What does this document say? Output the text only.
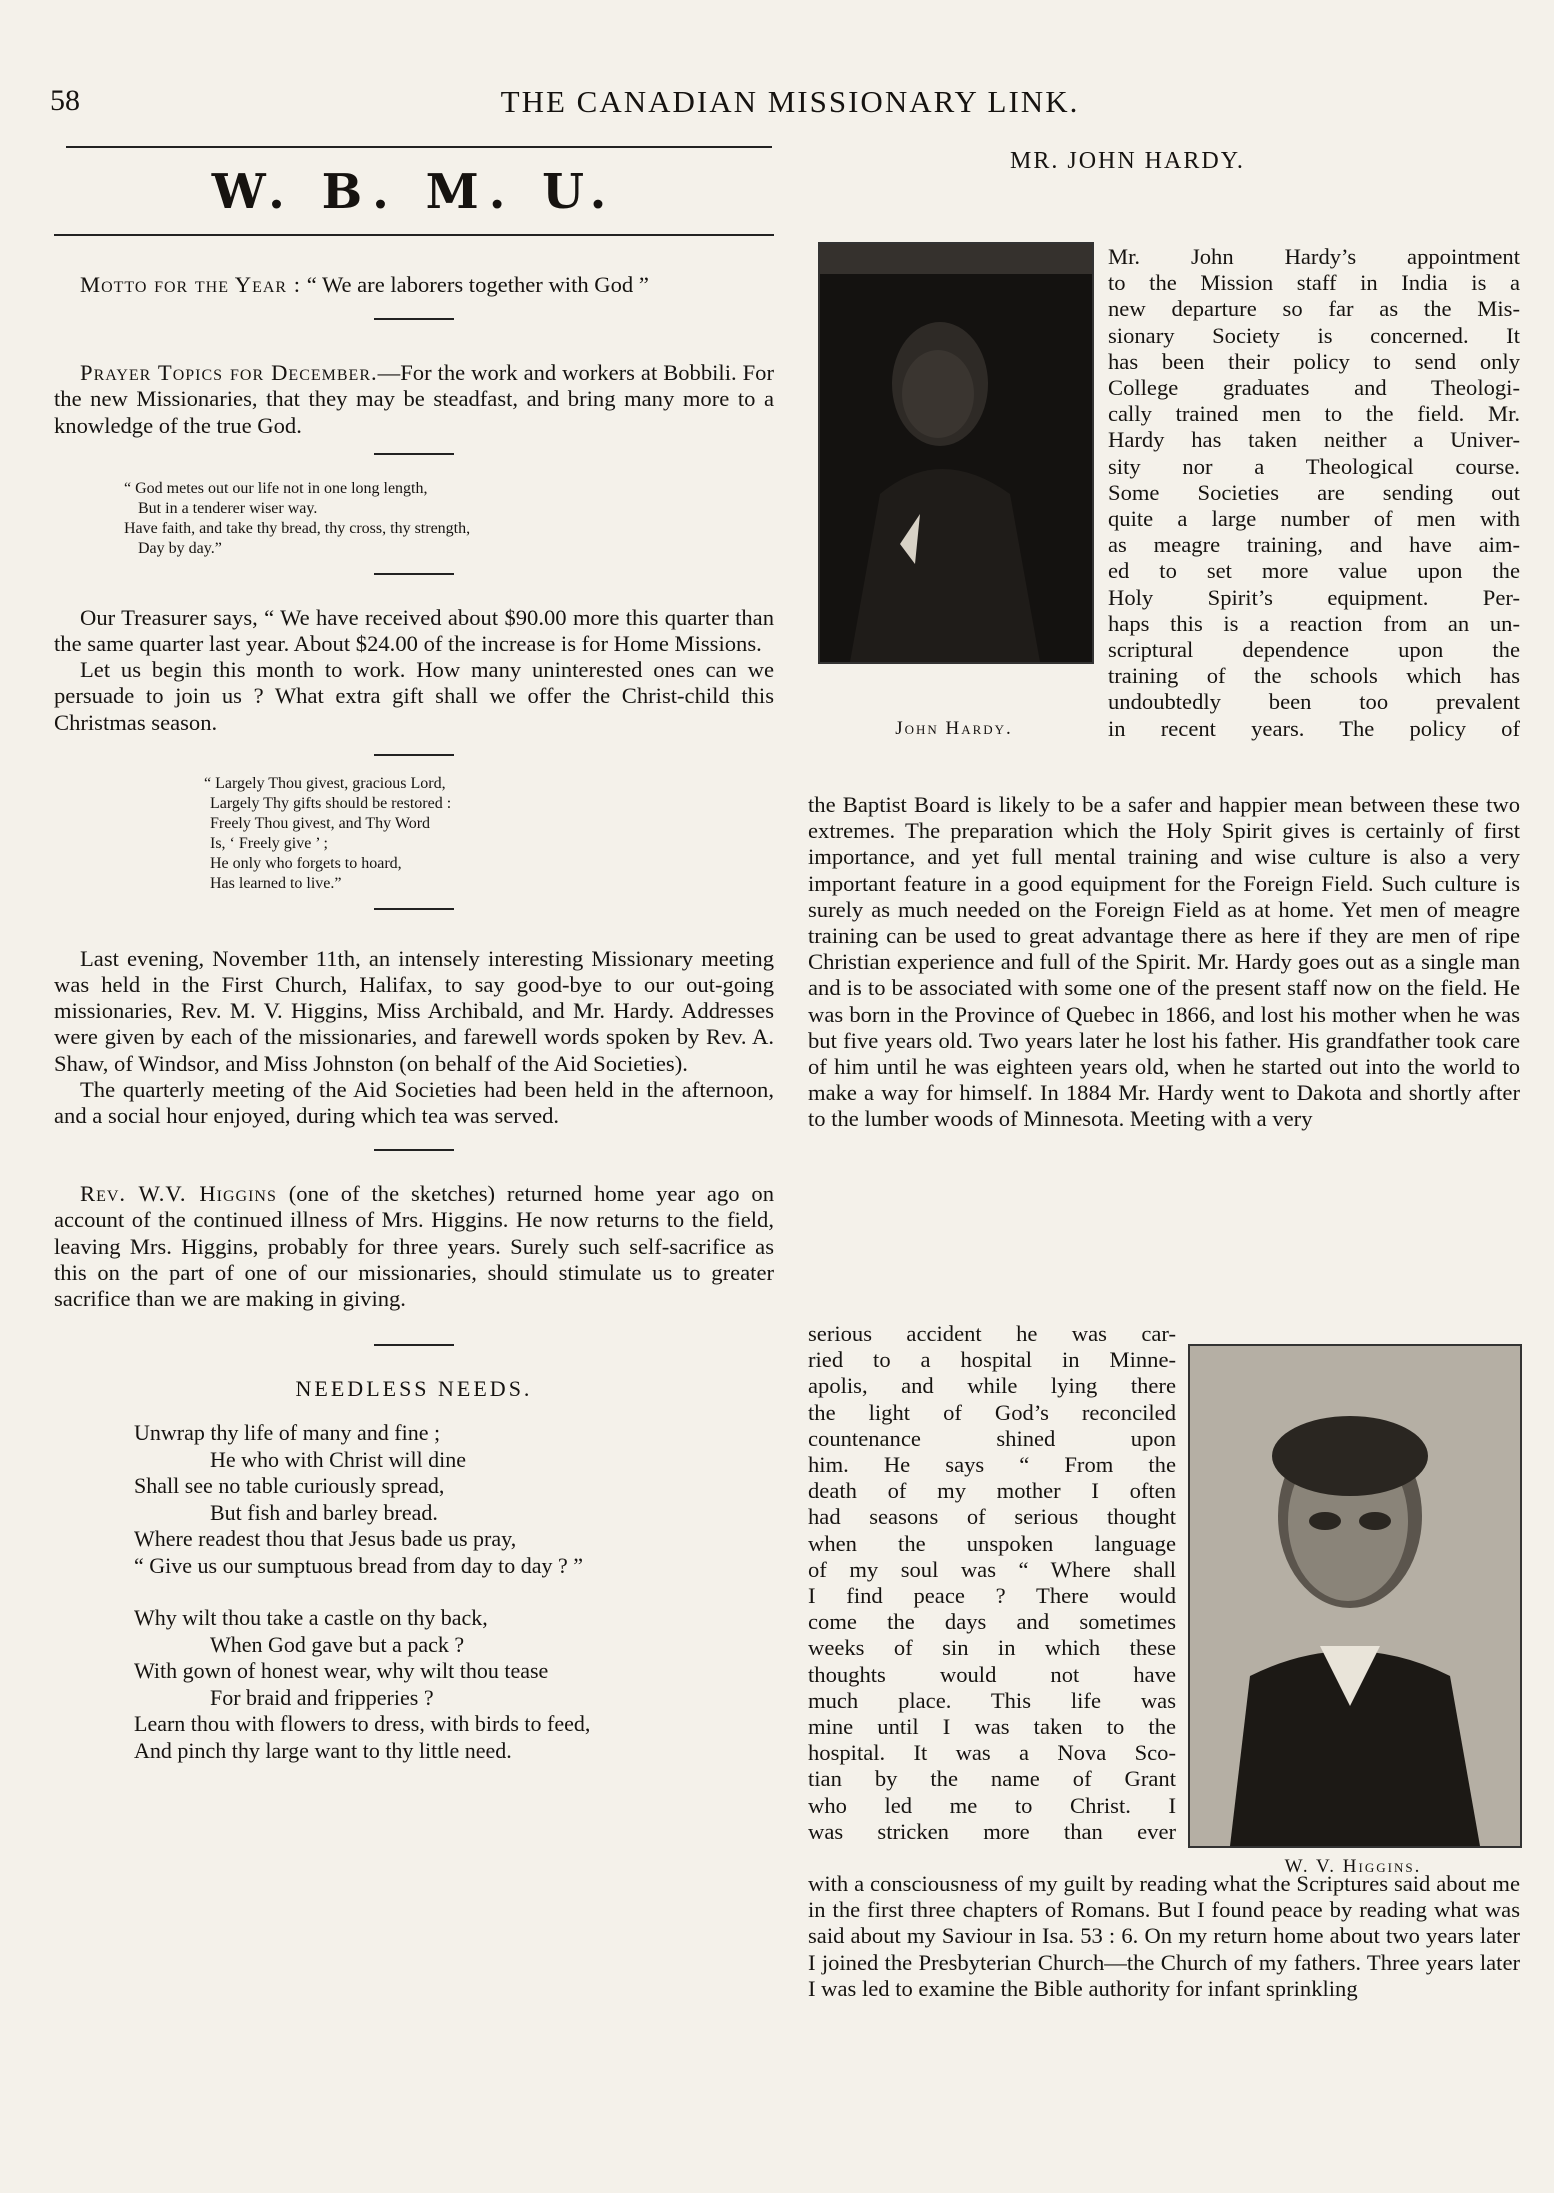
58	THE CANADIAN MISSIONARY LINK.
W. B. M. U.

Motto for the Year : “ We are laborers together with God ”

Prayer Topics for December.—For the work and workers at Bobbili. For the new Missionaries, that they may be steadfast, and bring many more to a knowledge of the true God.

“ God metes out our life not in one long length,
But in a tenderer wiser way.
Have faith, and take thy bread, thy cross, thy strength,
Day by day.”

Our Treasurer says, “ We have received about $90.00 more this quarter than the same quarter last year. About $24.00 of the increase is for Home Missions.

Let us begin this month to work. How many uninterested ones can we persuade to join us ? What extra gift shall we offer the Christ-child this Christmas season.

“ Largely Thou givest, gracious Lord,
Largely Thy gifts should be restored :
Freely Thou givest, and Thy Word
Is, ‘ Freely give ’ ;
He only who forgets to hoard,
Has learned to live.”

Last evening, November 11th, an intensely interesting Missionary meeting was held in the First Church, Halifax, to say good-bye to our out-going missionaries, Rev. M. V. Higgins, Miss Archibald, and Mr. Hardy. Addresses were given by each of the missionaries, and farewell words spoken by Rev. A. Shaw, of Windsor, and Miss Johnston (on behalf of the Aid Societies).

The quarterly meeting of the Aid Societies had been held in the afternoon, and a social hour enjoyed, during which tea was served.

Rev. W.V. Higgins (one of the sketches) returned home year ago on account of the continued illness of Mrs. Higgins. He now returns to the field, leaving Mrs. Higgins, probably for three years. Surely such self-sacrifice as this on the part of one of our missionaries, should stimulate us to greater sacrifice than we are making in giving.

NEEDLESS NEEDS.
Unwrap thy life of many and fine ;
He who with Christ will dine
Shall see no table curiously spread,
But fish and barley bread.
Where readest thou that Jesus bade us pray,
“ Give us our sumptuous bread from day to day ? ”
Why wilt thou take a castle on thy back,
When God gave but a pack ?
With gown of honest wear, why wilt thou tease
For braid and fripperies ?
Learn thou with flowers to dress, with birds to feed,
And pinch thy large want to thy little need.
MR. JOHN HARDY.
John Hardy.
Mr. John Hardy’s appointment
to the Mission staff in India is a
new departure so far as the Mis-
sionary Society is concerned. It
has been their policy to send only
College graduates and Theologi-
cally trained men to the field. Mr.
Hardy has taken neither a Univer-
sity nor a Theological course.
Some Societies are sending out
quite a large number of men with
as meagre training, and have aim-
ed to set more value upon the
Holy Spirit’s equipment. Per-
haps this is a reaction from an un-
scriptural dependence upon the
training of the schools which has
undoubtedly been too prevalent
in recent years. The policy of

the Baptist Board is likely to be a safer and happier mean between these two extremes. The preparation which the Holy Spirit gives is certainly of first importance, and yet full mental training and wise culture is also a very important feature in a good equipment for the Foreign Field. Such culture is surely as much needed on the Foreign Field as at home. Yet men of meagre training can be used to great advantage there as here if they are men of ripe Christian experience and full of the Spirit. Mr. Hardy goes out as a single man and is to be associated with some one of the present staff now on the field. He was born in the Province of Quebec in 1866, and lost his mother when he was but five years old. Two years later he lost his father. His grandfather took care of him until he was eighteen years old, when he started out into the world to make a way for himself. In 1884 Mr. Hardy went to Dakota and shortly after to the lumber woods of Minnesota. Meeting with a very

W. V. Higgins.
serious accident he was car-
ried to a hospital in Minne-
apolis, and while lying there
the light of God’s reconciled
countenance shined upon
him. He says “ From the
death of my mother I often
had seasons of serious thought
when the unspoken language
of my soul was “ Where shall
I find peace ? There would
come the days and sometimes
weeks of sin in which these
thoughts would not have
much place. This life was
mine until I was taken to the
hospital. It was a Nova Sco-
tian by the name of Grant
who led me to Christ. I
was stricken more than ever

with a consciousness of my guilt by reading what the Scriptures said about me in the first three chapters of Romans. But I found peace by reading what was said about my Saviour in Isa. 53 : 6. On my return home about two years later I joined the Presbyterian Church—the Church of my fathers. Three years later I was led to examine the Bible authority for infant sprinkling
